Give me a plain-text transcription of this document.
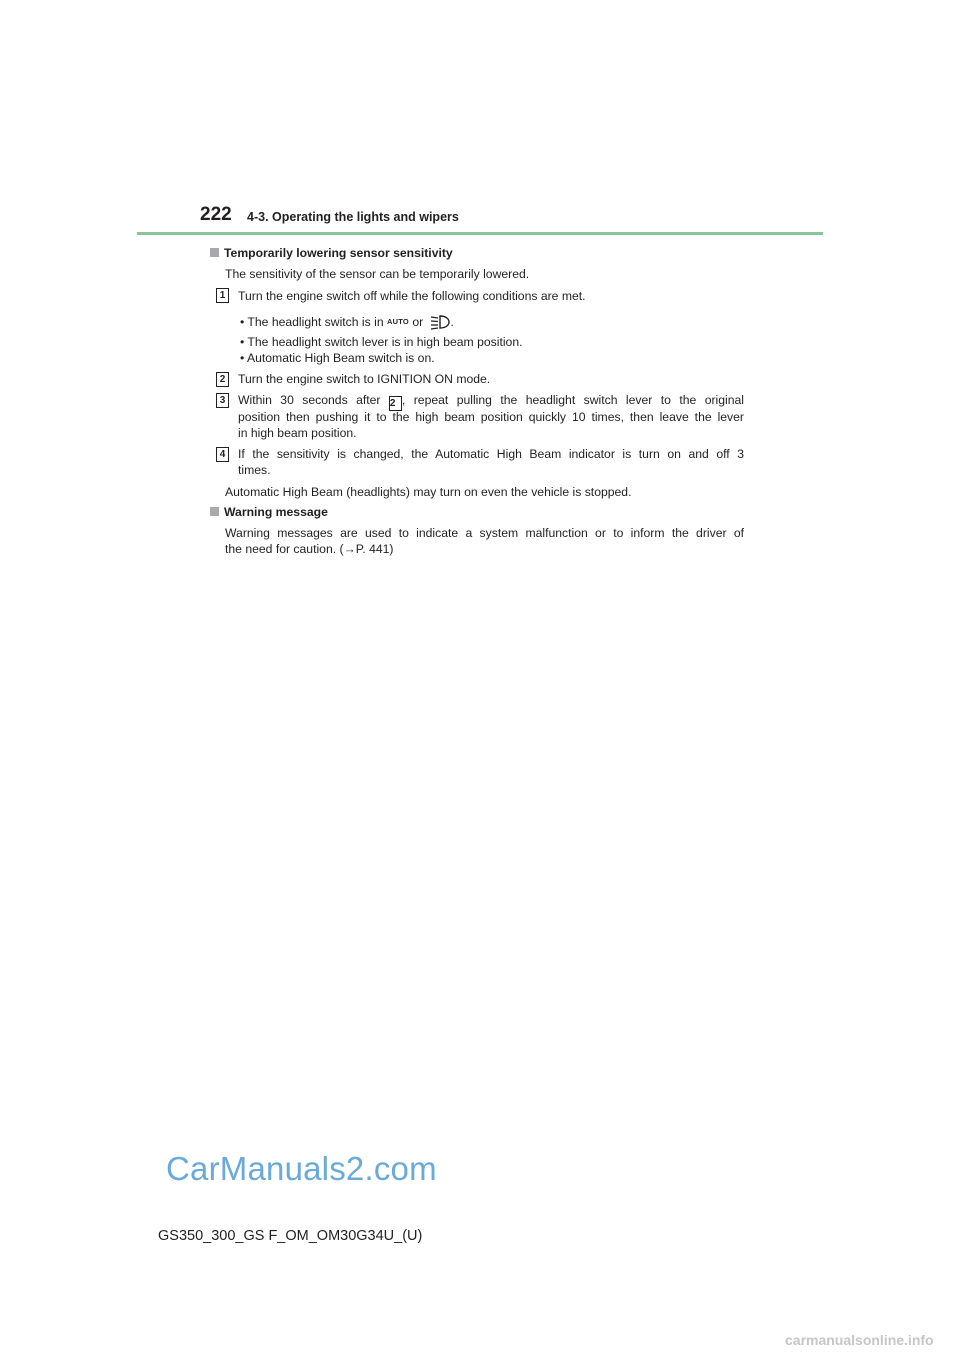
222 4-3. Operating the lights and wipers
Temporarily lowering sensor sensitivity
The sensitivity of the sensor can be temporarily lowered.
1	Turn the engine switch off while the following conditions are met.
• The headlight switch is in AUTO or .
• The headlight switch lever is in high beam position.
• Automatic High Beam switch is on.
2	Turn the engine switch to IGNITION ON mode.
3	Within 30 seconds after 2 , repeat pulling the headlight switch lever to the original
position then pushing it to the high beam position quickly 10 times, then leave the lever
in high beam position.
4	If the sensitivity is changed, the Automatic High Beam indicator is turn on and off 3
times.
Automatic High Beam (headlights) may turn on even the vehicle is stopped.
Warning message
Warning messages are used to indicate a system malfunction or to inform the driver of
the need for caution. (→P. 441)
CarManuals2.com
GS350_300_GS F_OM_OM30G34U_(U)
carmanualsonline.info
